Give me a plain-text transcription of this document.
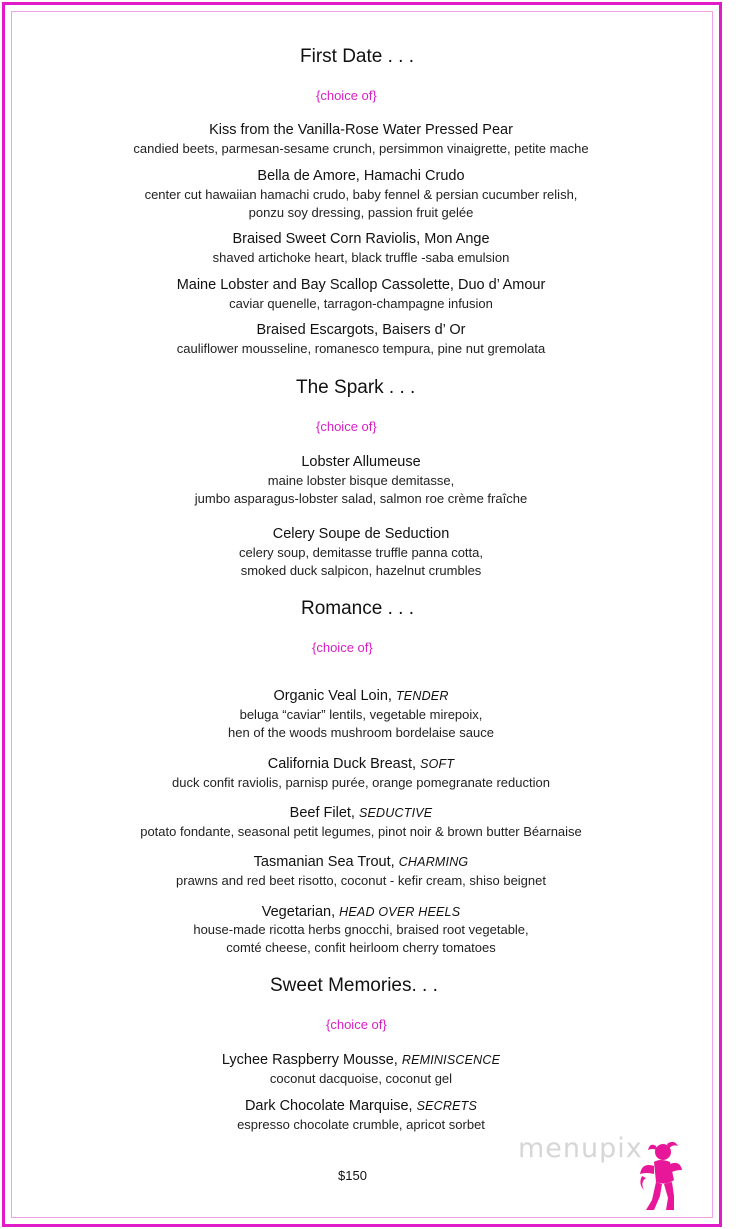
First Date . . .
{choice of}
Kiss from the Vanilla-Rose Water Pressed Pear
candied beets, parmesan-sesame crunch, persimmon vinaigrette, petite mache
Bella de Amore, Hamachi Crudo
center cut hawaiian hamachi crudo, baby fennel & persian cucumber relish,
ponzu soy dressing, passion fruit gelée
Braised Sweet Corn Raviolis, Mon Ange
shaved artichoke heart, black truffle -saba emulsion
Maine Lobster and Bay Scallop Cassolette, Duo d’ Amour
caviar quenelle, tarragon-champagne infusion
Braised Escargots, Baisers d’ Or
cauliflower mousseline, romanesco tempura, pine nut gremolata
The Spark . . .
{choice of}
Lobster Allumeuse
maine lobster bisque demitasse,
jumbo asparagus-lobster salad, salmon roe crème fraîche
Celery Soupe de Seduction
celery soup, demitasse truffle panna cotta,
smoked duck salpicon, hazelnut crumbles
Romance . . .
{choice of}
Organic Veal Loin, TENDER
beluga “caviar” lentils, vegetable mirepoix,
hen of the woods mushroom bordelaise sauce
California Duck Breast, SOFT
duck confit raviolis, parnisp purée, orange pomegranate reduction
Beef Filet, SEDUCTIVE
potato fondante, seasonal petit legumes, pinot noir & brown butter Béarnaise
Tasmanian Sea Trout, CHARMING
prawns and red beet risotto, coconut - kefir cream, shiso beignet
Vegetarian, HEAD OVER HEELS
house-made ricotta herbs gnocchi, braised root vegetable,
comté cheese, confit heirloom cherry tomatoes
Sweet Memories. . .
{choice of}
Lychee Raspberry Mousse, REMINISCENCE
coconut dacquoise, coconut gel
Dark Chocolate Marquise, SECRETS
espresso chocolate crumble, apricot sorbet
$150
menupix
